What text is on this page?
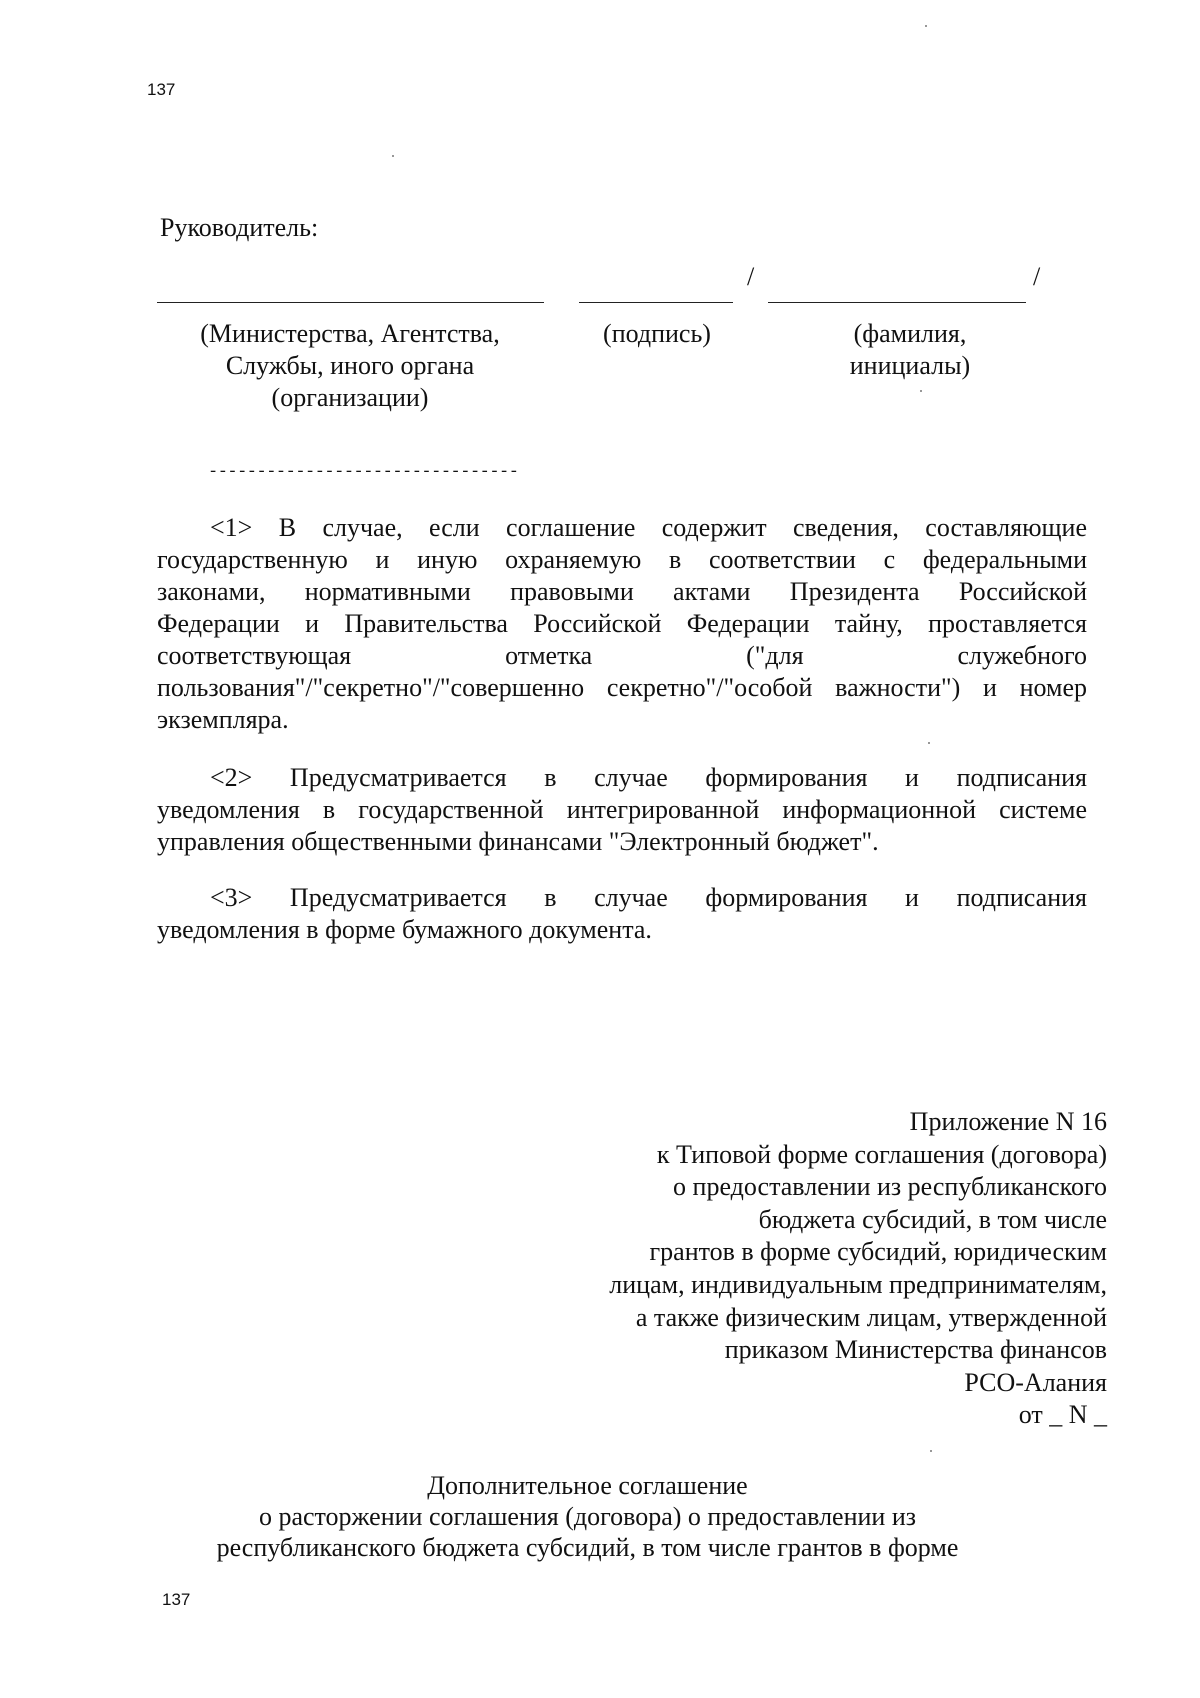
137
Руководитель:
/	/
(Министерства, Агентства,
Службы, иного органа
(организации)
(подпись)	(фамилия,
инициалы)
--------------------------------
<1> В случае, если соглашение содержит сведения, составляющие
государственную и иную охраняемую в соответствии с федеральными
законами, нормативными правовыми актами Президента Российской
Федерации и Правительства Российской Федерации тайну, проставляется
соответствующая отметка ("для служебного
пользования"/"секретно"/"совершенно секретно"/"особой важности") и номер
экземпляра.
<2> Предусматривается в случае формирования и подписания
уведомления в государственной интегрированной информационной системе
управления общественными финансами "Электронный бюджет".
<3> Предусматривается в случае формирования и подписания
уведомления в форме бумажного документа.
Приложение N 16
к Типовой форме соглашения (договора)
о предоставлении из республиканского
бюджета субсидий, в том числе
грантов в форме субсидий, юридическим
лицам, индивидуальным предпринимателям,
а также физическим лицам, утвержденной
приказом Министерства финансов
РСО-Алания
от _ N _
Дополнительное соглашение
о расторжении соглашения (договора) о предоставлении из
республиканского бюджета субсидий, в том числе грантов в форме
137
